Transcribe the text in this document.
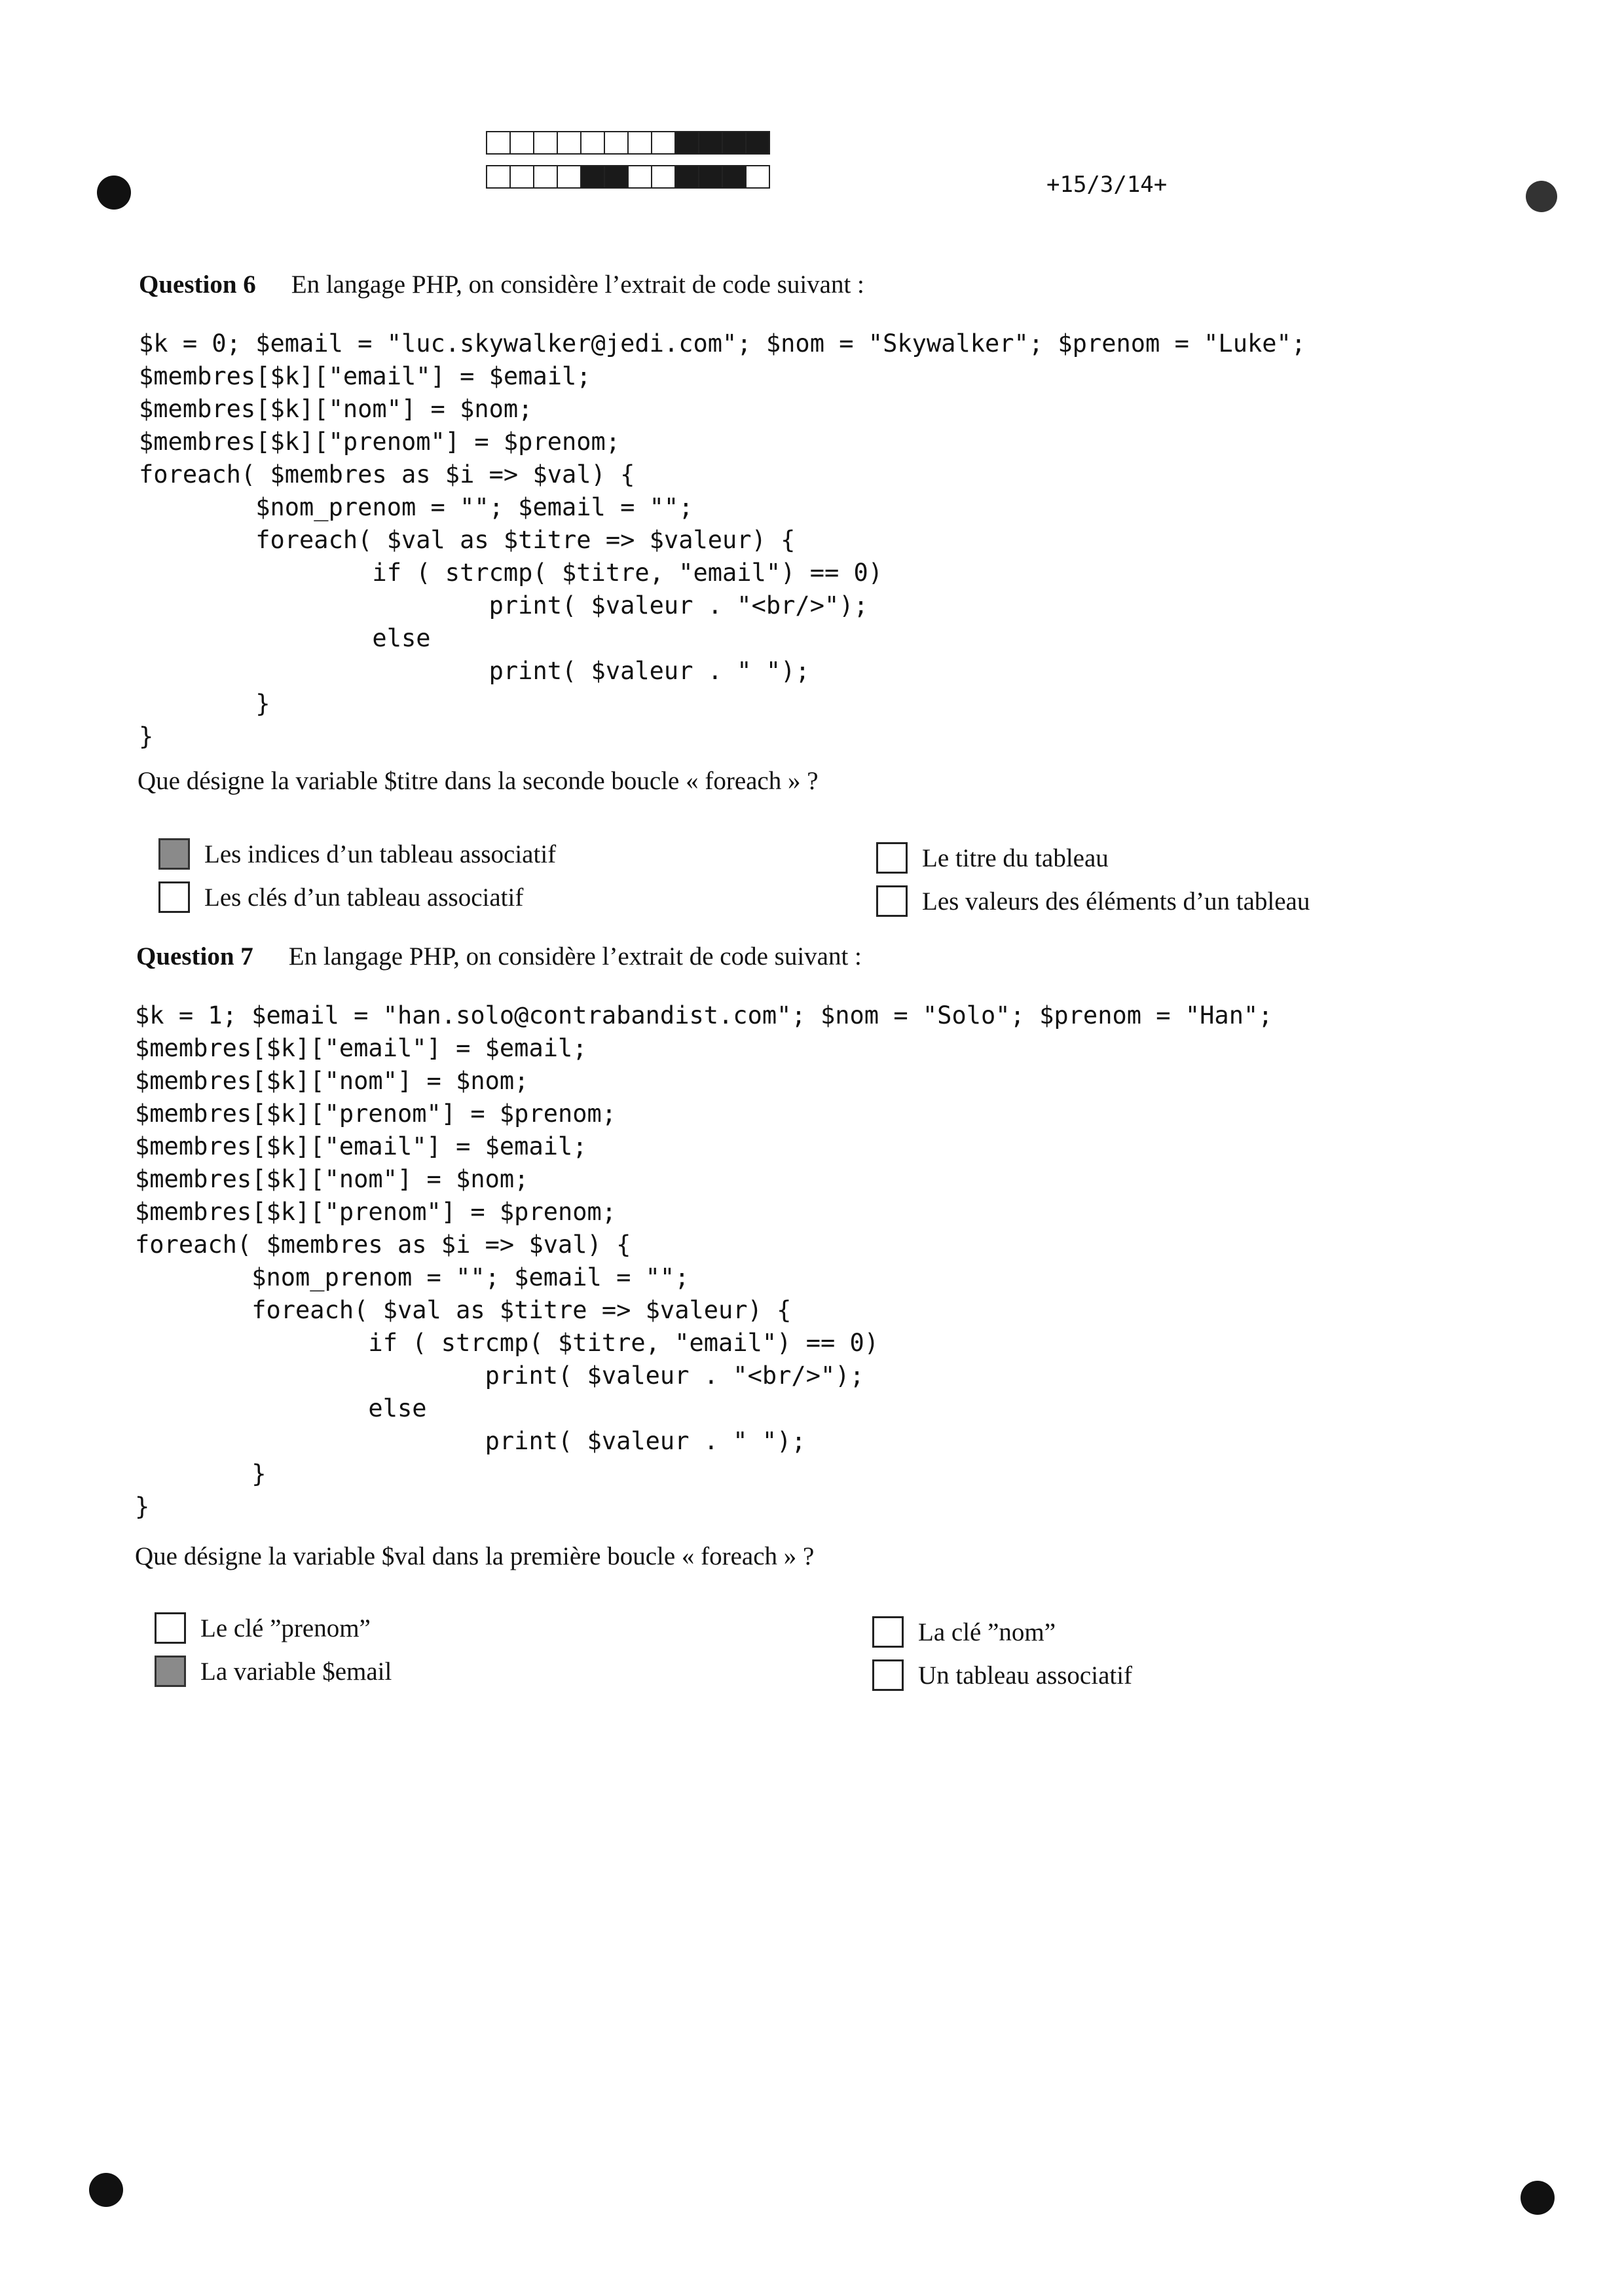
+15/3/14+
Question 6 En langage PHP, on considère l’extrait de code suivant :
$k = 0; $email = "luc.skywalker@jedi.com"; $nom = "Skywalker"; $prenom = "Luke";
$membres[$k]["email"] = $email;
$membres[$k]["nom"] = $nom;
$membres[$k]["prenom"] = $prenom;
foreach( $membres as $i => $val) {
$nom_prenom = ""; $email = "";
foreach( $val as $titre => $valeur) {
if ( strcmp( $titre, "email") == 0)
print( $valeur . "<br/>");
else
print( $valeur . " ");
}
}
Que désigne la variable $titre dans la seconde boucle « foreach » ?
Les indices d’un tableau associatif
Les clés d’un tableau associatif
Le titre du tableau
Les valeurs des éléments d’un tableau
Question 7 En langage PHP, on considère l’extrait de code suivant :
$k = 1; $email = "han.solo@contrabandist.com"; $nom = "Solo"; $prenom = "Han";
$membres[$k]["email"] = $email;
$membres[$k]["nom"] = $nom;
$membres[$k]["prenom"] = $prenom;
$membres[$k]["email"] = $email;
$membres[$k]["nom"] = $nom;
$membres[$k]["prenom"] = $prenom;
foreach( $membres as $i => $val) {
$nom_prenom = ""; $email = "";
foreach( $val as $titre => $valeur) {
if ( strcmp( $titre, "email") == 0)
print( $valeur . "<br/>");
else
print( $valeur . " ");
}
}
Que désigne la variable $val dans la première boucle « foreach » ?
Le clé ”prenom”
La variable $email
La clé ”nom”
Un tableau associatif
